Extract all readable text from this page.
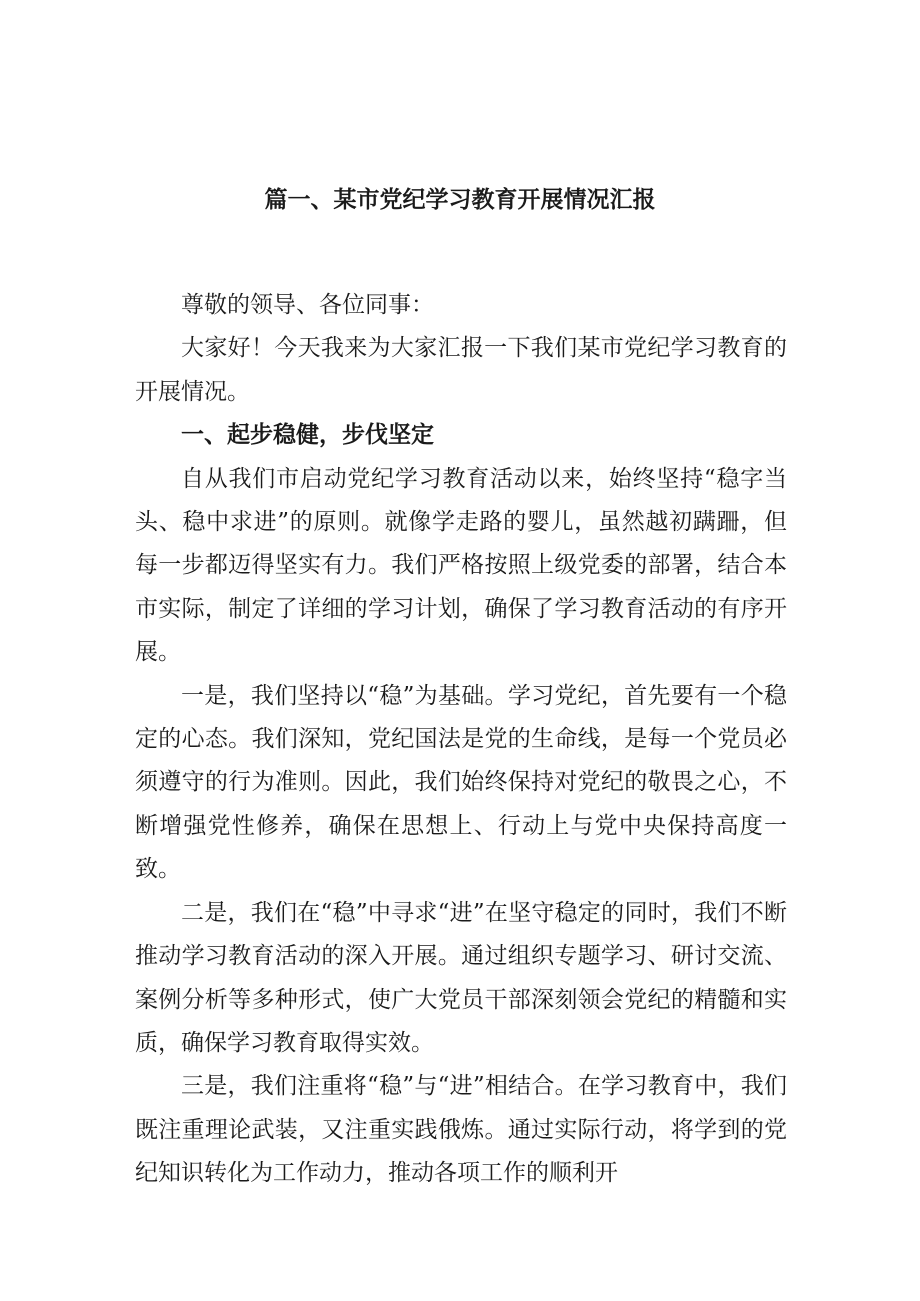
篇一、某市党纪学习教育开展情况汇报

尊敬的领导、各位同事：

大家好！今天我来为大家汇报一下我们某市党纪学习教育的开展情况。

一、起步稳健，步伐坚定

自从我们市启动党纪学习教育活动以来，始终坚持“稳字当头、稳中求进”的原则。就像学走路的婴儿，虽然越初蹒跚，但每一步都迈得坚实有力。我们严格按照上级党委的部署，结合本市实际，制定了详细的学习计划，确保了学习教育活动的有序开展。

一是，我们坚持以“稳”为基础。学习党纪，首先要有一个稳定的心态。我们深知，党纪国法是党的生命线，是每一个党员必须遵守的行为准则。因此，我们始终保持对党纪的敬畏之心，不断增强党性修养，确保在思想上、行动上与党中央保持高度一致。

二是，我们在“稳”中寻求“进”在坚守稳定的同时，我们不断推动学习教育活动的深入开展。通过组织专题学习、研讨交流、案例分析等多种形式，使广大党员干部深刻领会党纪的精髓和实质，确保学习教育取得实效。

三是，我们注重将“稳”与“进”相结合。在学习教育中，我们既注重理论武装，又注重实践俄炼。通过实际行动，将学到的党纪知识转化为工作动力，推动各项工作的顺利开
